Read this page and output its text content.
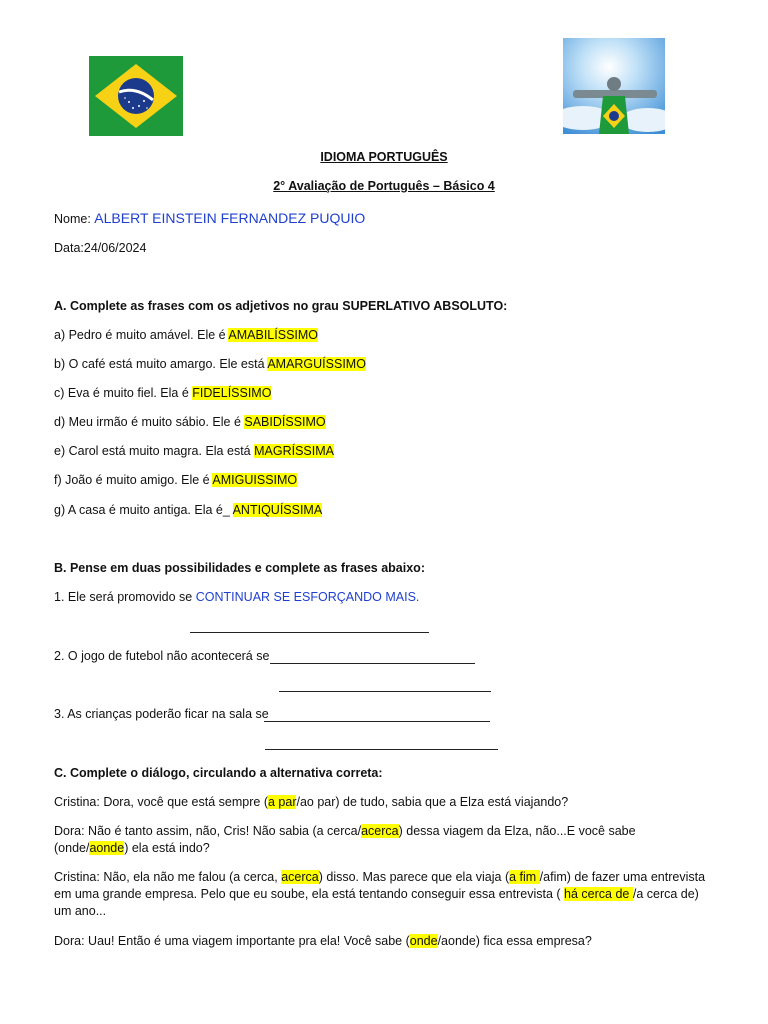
IDIOMA PORTUGUÊS
2° Avaliação de Português – Básico 4
Nome: ALBERT EINSTEIN FERNANDEZ PUQUIO
Data:24/06/2024
A. Complete as frases com os adjetivos no grau SUPERLATIVO ABSOLUTO:
a) Pedro é muito amável. Ele é AMABILÍSSIMO
b) O café está muito amargo. Ele está AMARGUÍSSIMO
c) Eva é muito fiel. Ela é FIDELÍSSIMO
d) Meu irmão é muito sábio. Ele é SABIDÍSSIMO
e) Carol está muito magra. Ela está MAGRÍSSIMA
f) João é muito amigo. Ele é AMIGUISSIMO
g) A casa é muito antiga. Ela é_ ANTIQUÍSSIMA
B. Pense em duas possibilidades e complete as frases abaixo:
1. Ele será promovido se CONTINUAR SE ESFORÇANDO MAIS.
2. O jogo de futebol não acontecerá se
3. As crianças poderão ficar na sala se
C. Complete o diálogo, circulando a alternativa correta:
Cristina: Dora, você que está sempre (a par/ao par) de tudo, sabia que a Elza está viajando?
Dora: Não é tanto assim, não, Cris! Não sabia (a cerca/acerca) dessa viagem da Elza, não...E você sabe (onde/aonde) ela está indo?
Cristina: Não, ela não me falou (a cerca, acerca) disso. Mas parece que ela viaja (a fim /afim) de fazer uma entrevista em uma grande empresa. Pelo que eu soube, ela está tentando conseguir essa entrevista ( há cerca de /a cerca de) um ano...
Dora: Uau! Então é uma viagem importante pra ela! Você sabe (onde/aonde) fica essa empresa?
